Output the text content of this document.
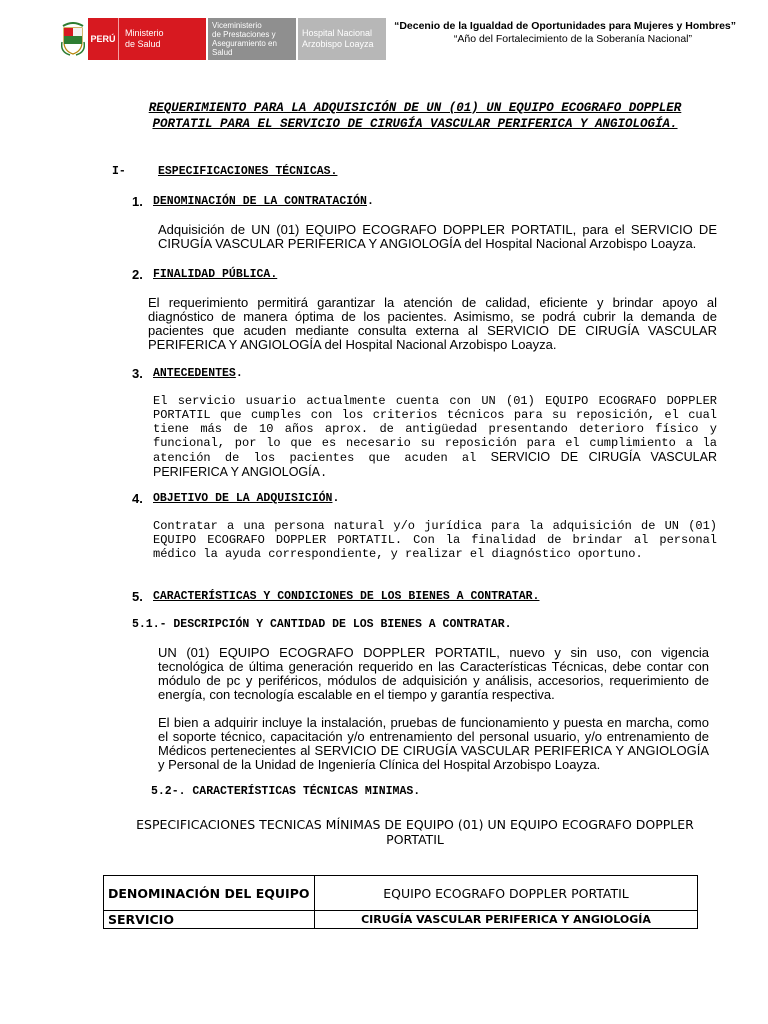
PERÚ
Ministerio
de Salud
Viceministerio
de Prestaciones y
Aseguramiento en Salud
Hospital Nacional
Arzobispo Loayza
“Decenio de la Igualdad de Oportunidades para Mujeres y Hombres”
“Año del Fortalecimiento de la Soberanía Nacional”
REQUERIMIENTO PARA LA ADQUISICIÓN DE UN (01) UN EQUIPO ECOGRAFO DOPPLER PORTATIL PARA EL SERVICIO DE CIRUGÍA VASCULAR PERIFERICA Y ANGIOLOGÍA.
I-	ESPECIFICACIONES TÉCNICAS.
1. DENOMINACIÓN DE LA CONTRATACIÓN.
Adquisición de UN (01) EQUIPO ECOGRAFO DOPPLER PORTATIL, para el SERVICIO DE CIRUGÍA VASCULAR PERIFERICA Y ANGIOLOGÍA del Hospital Nacional Arzobispo Loayza.
2. FINALIDAD PÚBLICA.
El requerimiento permitirá garantizar la atención de calidad, eficiente y brindar apoyo al diagnóstico de manera óptima de los pacientes. Asimismo, se podrá cubrir la demanda de pacientes que acuden mediante consulta externa al SERVICIO DE CIRUGÍA VASCULAR PERIFERICA Y ANGIOLOGÍA del Hospital Nacional Arzobispo Loayza.
3. ANTECEDENTES.
El servicio usuario actualmente cuenta con UN (01) EQUIPO ECOGRAFO DOPPLER PORTATIL que cumples con los criterios técnicos para su reposición, el cual tiene más de 10 años aprox. de antigüedad presentando deterioro físico y funcional, por lo que es necesario su reposición para el cumplimiento a la atención de los pacientes que acuden al SERVICIO DE CIRUGÍA VASCULAR PERIFERICA Y ANGIOLOGÍA.
4. OBJETIVO DE LA ADQUISICIÓN.
Contratar a una persona natural y/o jurídica para la adquisición de UN (01) EQUIPO ECOGRAFO DOPPLER PORTATIL. Con la finalidad de brindar al personal médico la ayuda correspondiente, y realizar el diagnóstico oportuno.
5. CARACTERÍSTICAS Y CONDICIONES DE LOS BIENES A CONTRATAR.
5.1.- DESCRIPCIÓN Y CANTIDAD DE LOS BIENES A CONTRATAR.
UN (01) EQUIPO ECOGRAFO DOPPLER PORTATIL, nuevo y sin uso, con vigencia tecnológica de última generación requerido en las Características Técnicas, debe contar con módulo de pc y periféricos, módulos de adquisición y análisis, accesorios, requerimiento de energía, con tecnología escalable en el tiempo y garantía respectiva.
El bien a adquirir incluye la instalación, pruebas de funcionamiento y puesta en marcha, como el soporte técnico, capacitación y/o entrenamiento del personal usuario, y/o entrenamiento de Médicos pertenecientes al SERVICIO DE CIRUGÍA VASCULAR PERIFERICA Y ANGIOLOGÍA y Personal de la Unidad de Ingeniería Clínica del Hospital Arzobispo Loayza.
5.2-. CARACTERÍSTICAS TÉCNICAS MINIMAS.
ESPECIFICACIONES TECNICAS MÍNIMAS DE EQUIPO (01) UN EQUIPO ECOGRAFO DOPPLER PORTATIL
DENOMINACIÓN DEL EQUIPO	EQUIPO ECOGRAFO DOPPLER PORTATIL
SERVICIO	CIRUGÍA VASCULAR PERIFERICA Y ANGIOLOGÍA
